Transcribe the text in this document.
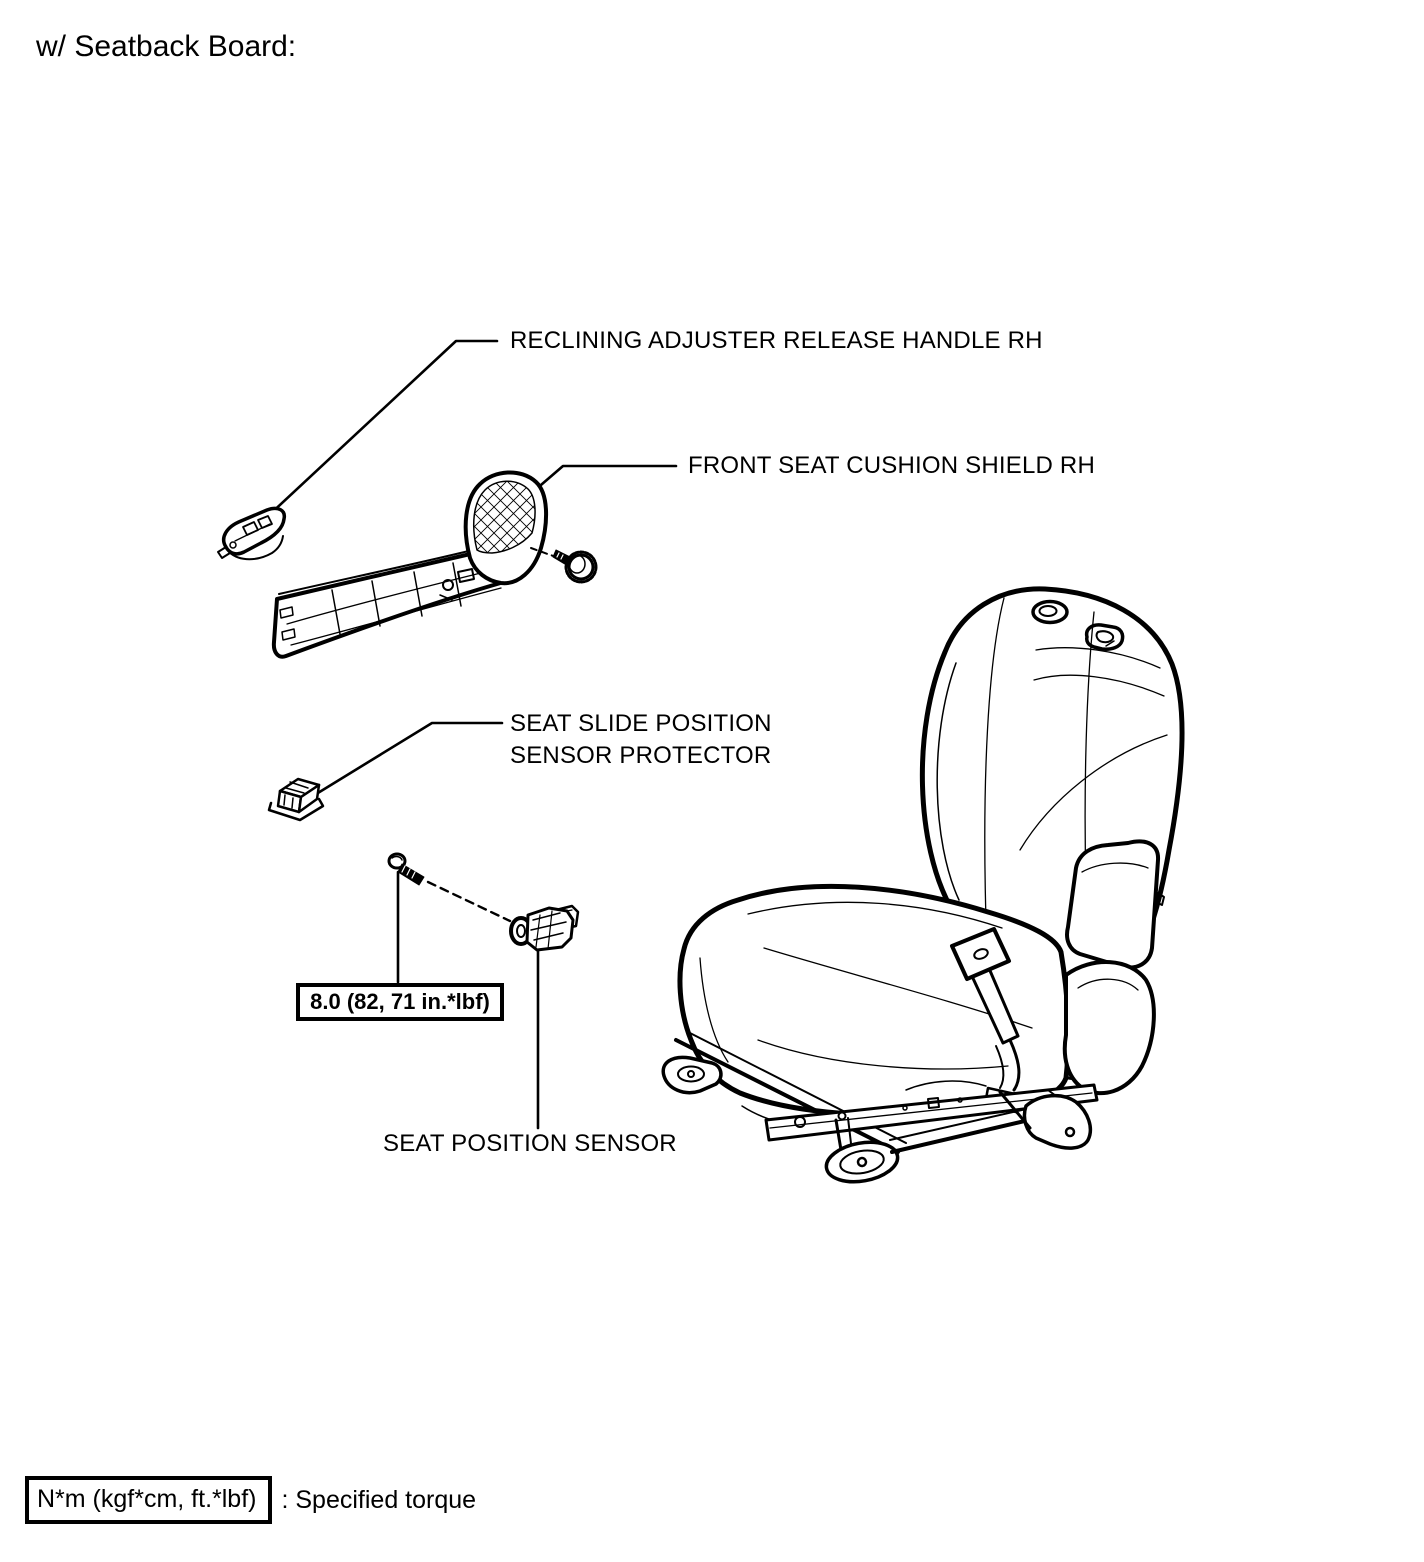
w/ Seatback Board:
RECLINING ADJUSTER RELEASE HANDLE RH
FRONT SEAT CUSHION SHIELD RH
SEAT SLIDE POSITION
SENSOR PROTECTOR
8.0 (82, 71 in.*lbf)
SEAT POSITION SENSOR
N*m (kgf*cm, ft.*lbf)	: Specified torque
